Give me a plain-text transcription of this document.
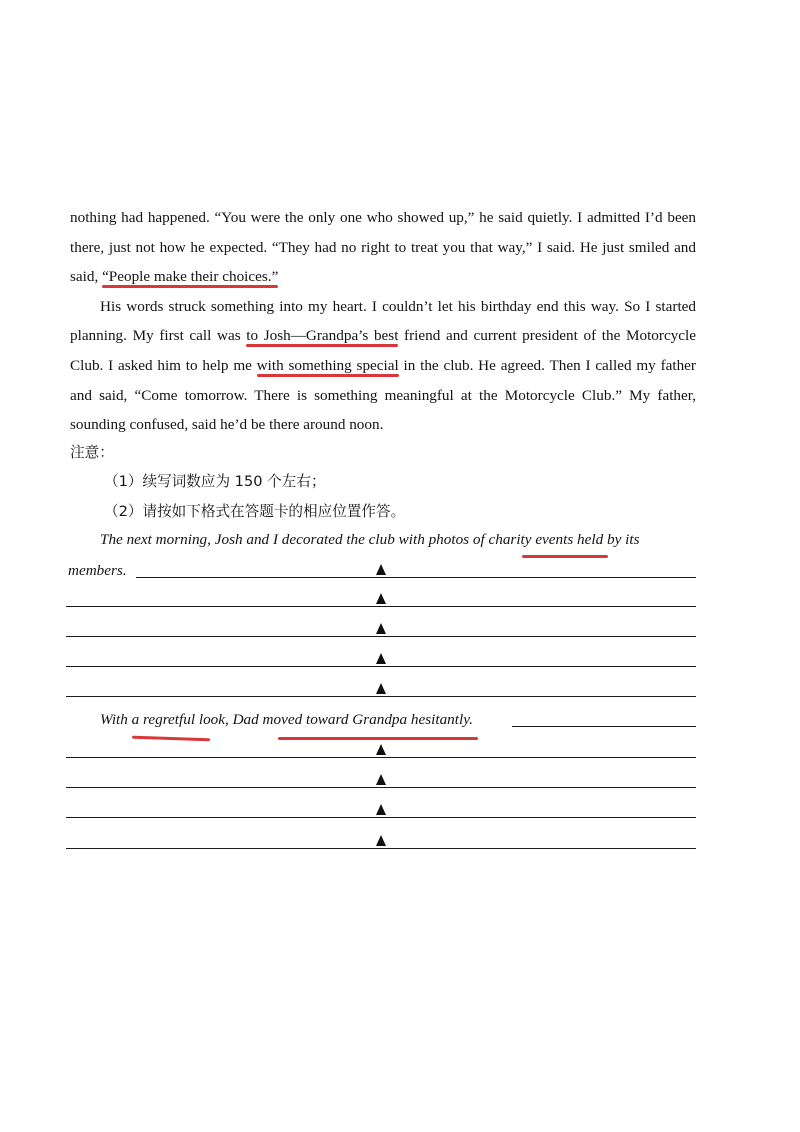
nothing had happened. “You were the only one who showed up,” he said quietly. I admitted I’d been there, just not how he expected. “They had no right to treat you that way,” I said. He just smiled and said, “People make their choices.”

His words struck something into my heart. I couldn’t let his birthday end this way. So I started planning. My first call was to Josh—Grandpa’s best
friend and current president of the Motorcycle Club. I asked him to help me with something special
in the club. He agreed. Then I called my father and said, “Come tomorrow. There is something meaningful at the Motorcycle Club.” My father, sounding confused, said he’d be there around noon.

注意：
（1）续写词数应为 150 个左右；
（2）请按如下格式在答题卡的相应位置作答。
The next morning, Josh and I decorated the club with photos of charity events held by its
members.
With a regretful look, Dad moved toward Grandpa hesitantly.
